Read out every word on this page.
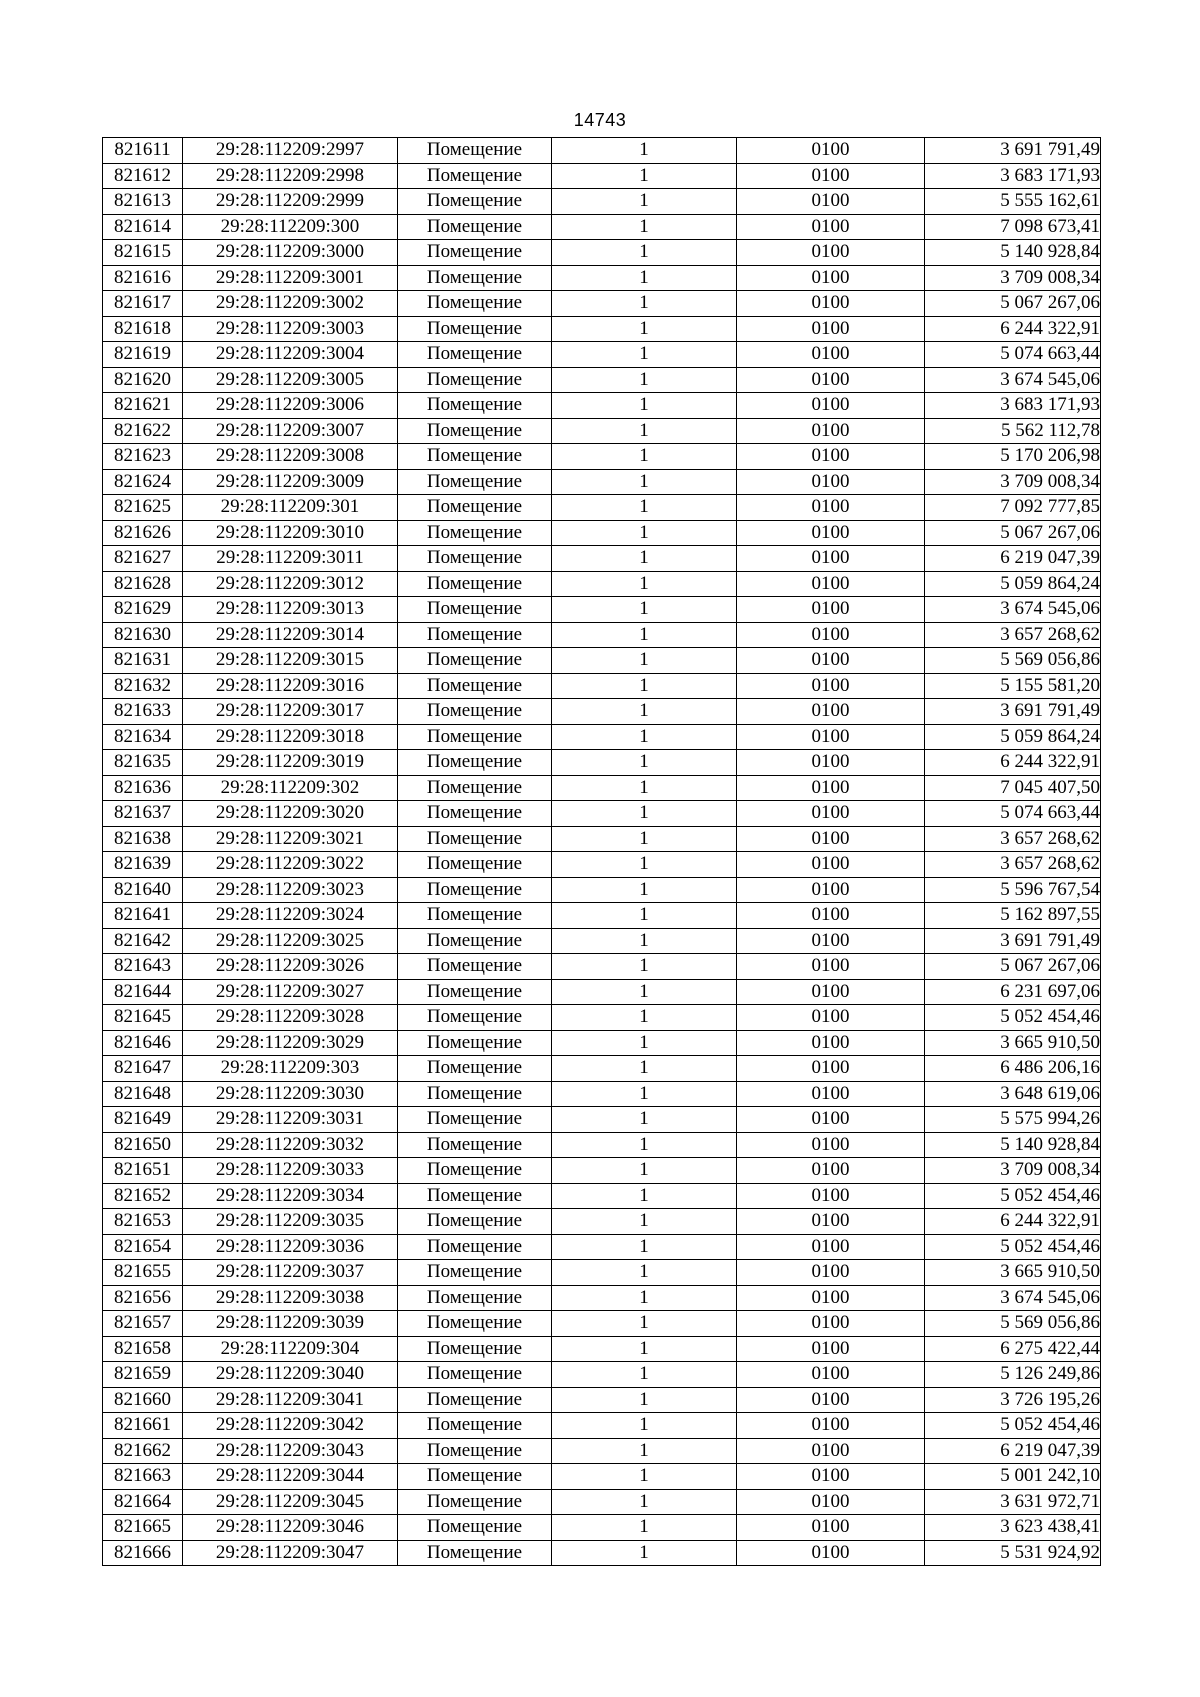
14743
821611	29:28:112209:2997	Помещение	1	0100	3 691 791,49
821612	29:28:112209:2998	Помещение	1	0100	3 683 171,93
821613	29:28:112209:2999	Помещение	1	0100	5 555 162,61
821614	29:28:112209:300	Помещение	1	0100	7 098 673,41
821615	29:28:112209:3000	Помещение	1	0100	5 140 928,84
821616	29:28:112209:3001	Помещение	1	0100	3 709 008,34
821617	29:28:112209:3002	Помещение	1	0100	5 067 267,06
821618	29:28:112209:3003	Помещение	1	0100	6 244 322,91
821619	29:28:112209:3004	Помещение	1	0100	5 074 663,44
821620	29:28:112209:3005	Помещение	1	0100	3 674 545,06
821621	29:28:112209:3006	Помещение	1	0100	3 683 171,93
821622	29:28:112209:3007	Помещение	1	0100	5 562 112,78
821623	29:28:112209:3008	Помещение	1	0100	5 170 206,98
821624	29:28:112209:3009	Помещение	1	0100	3 709 008,34
821625	29:28:112209:301	Помещение	1	0100	7 092 777,85
821626	29:28:112209:3010	Помещение	1	0100	5 067 267,06
821627	29:28:112209:3011	Помещение	1	0100	6 219 047,39
821628	29:28:112209:3012	Помещение	1	0100	5 059 864,24
821629	29:28:112209:3013	Помещение	1	0100	3 674 545,06
821630	29:28:112209:3014	Помещение	1	0100	3 657 268,62
821631	29:28:112209:3015	Помещение	1	0100	5 569 056,86
821632	29:28:112209:3016	Помещение	1	0100	5 155 581,20
821633	29:28:112209:3017	Помещение	1	0100	3 691 791,49
821634	29:28:112209:3018	Помещение	1	0100	5 059 864,24
821635	29:28:112209:3019	Помещение	1	0100	6 244 322,91
821636	29:28:112209:302	Помещение	1	0100	7 045 407,50
821637	29:28:112209:3020	Помещение	1	0100	5 074 663,44
821638	29:28:112209:3021	Помещение	1	0100	3 657 268,62
821639	29:28:112209:3022	Помещение	1	0100	3 657 268,62
821640	29:28:112209:3023	Помещение	1	0100	5 596 767,54
821641	29:28:112209:3024	Помещение	1	0100	5 162 897,55
821642	29:28:112209:3025	Помещение	1	0100	3 691 791,49
821643	29:28:112209:3026	Помещение	1	0100	5 067 267,06
821644	29:28:112209:3027	Помещение	1	0100	6 231 697,06
821645	29:28:112209:3028	Помещение	1	0100	5 052 454,46
821646	29:28:112209:3029	Помещение	1	0100	3 665 910,50
821647	29:28:112209:303	Помещение	1	0100	6 486 206,16
821648	29:28:112209:3030	Помещение	1	0100	3 648 619,06
821649	29:28:112209:3031	Помещение	1	0100	5 575 994,26
821650	29:28:112209:3032	Помещение	1	0100	5 140 928,84
821651	29:28:112209:3033	Помещение	1	0100	3 709 008,34
821652	29:28:112209:3034	Помещение	1	0100	5 052 454,46
821653	29:28:112209:3035	Помещение	1	0100	6 244 322,91
821654	29:28:112209:3036	Помещение	1	0100	5 052 454,46
821655	29:28:112209:3037	Помещение	1	0100	3 665 910,50
821656	29:28:112209:3038	Помещение	1	0100	3 674 545,06
821657	29:28:112209:3039	Помещение	1	0100	5 569 056,86
821658	29:28:112209:304	Помещение	1	0100	6 275 422,44
821659	29:28:112209:3040	Помещение	1	0100	5 126 249,86
821660	29:28:112209:3041	Помещение	1	0100	3 726 195,26
821661	29:28:112209:3042	Помещение	1	0100	5 052 454,46
821662	29:28:112209:3043	Помещение	1	0100	6 219 047,39
821663	29:28:112209:3044	Помещение	1	0100	5 001 242,10
821664	29:28:112209:3045	Помещение	1	0100	3 631 972,71
821665	29:28:112209:3046	Помещение	1	0100	3 623 438,41
821666	29:28:112209:3047	Помещение	1	0100	5 531 924,92
